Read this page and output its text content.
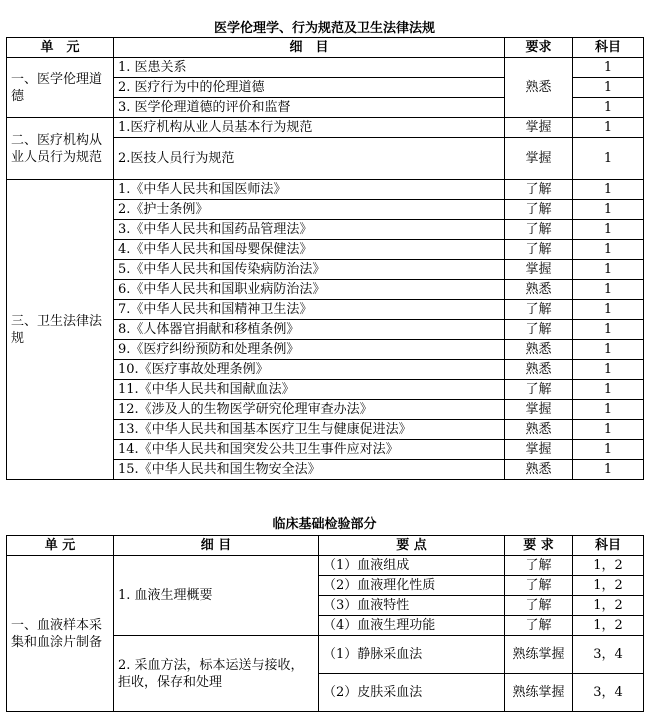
医学伦理学、行为规范及卫生法律法规
单　元	细　目	要求	科目
一、医学伦理道德	1. 医患关系	熟悉	1
	2. 医疗行为中的伦理道德		1
	3. 医学伦理道德的评价和监督		1
二、医疗机构从业人员行为规范	1.医疗机构从业人员基本行为规范	掌握	1
	2.医技人员行为规范	掌握	1
三、卫生法律法规	1.《中华人民共和国医师法》	了解	1
	2.《护士条例》	了解	1
	3.《中华人民共和国药品管理法》	了解	1
	4.《中华人民共和国母婴保健法》	了解	1
	5.《中华人民共和国传染病防治法》	掌握	1
	6.《中华人民共和国职业病防治法》	熟悉	1
	7.《中华人民共和国精神卫生法》	了解	1
	8.《人体器官捐献和移植条例》	了解	1
	9.《医疗纠纷预防和处理条例》	熟悉	1
	10.《医疗事故处理条例》	熟悉	1
	11.《中华人民共和国献血法》	了解	1
	12.《涉及人的生物医学研究伦理审查办法》	掌握	1
	13.《中华人民共和国基本医疗卫生与健康促进法》	熟悉	1
	14.《中华人民共和国突发公共卫生事件应对法》	掌握	1
	15.《中华人民共和国生物安全法》	熟悉	1
临床基础检验部分
单 元	细 目	要 点	要 求	科目
一、血液样本采集和血涂片制备	1. 血液生理概要	（1）血液组成	了解	1，2
		（2）血液理化性质	了解	1，2
		（3）血液特性	了解	1，2
		（4）血液生理功能	了解	1，2
	2. 采血方法，标本运送与接收，拒收，保存和处理	（1）静脉采血法	熟练掌握	3，4
		（2）皮肤采血法	熟练掌握	3，4
